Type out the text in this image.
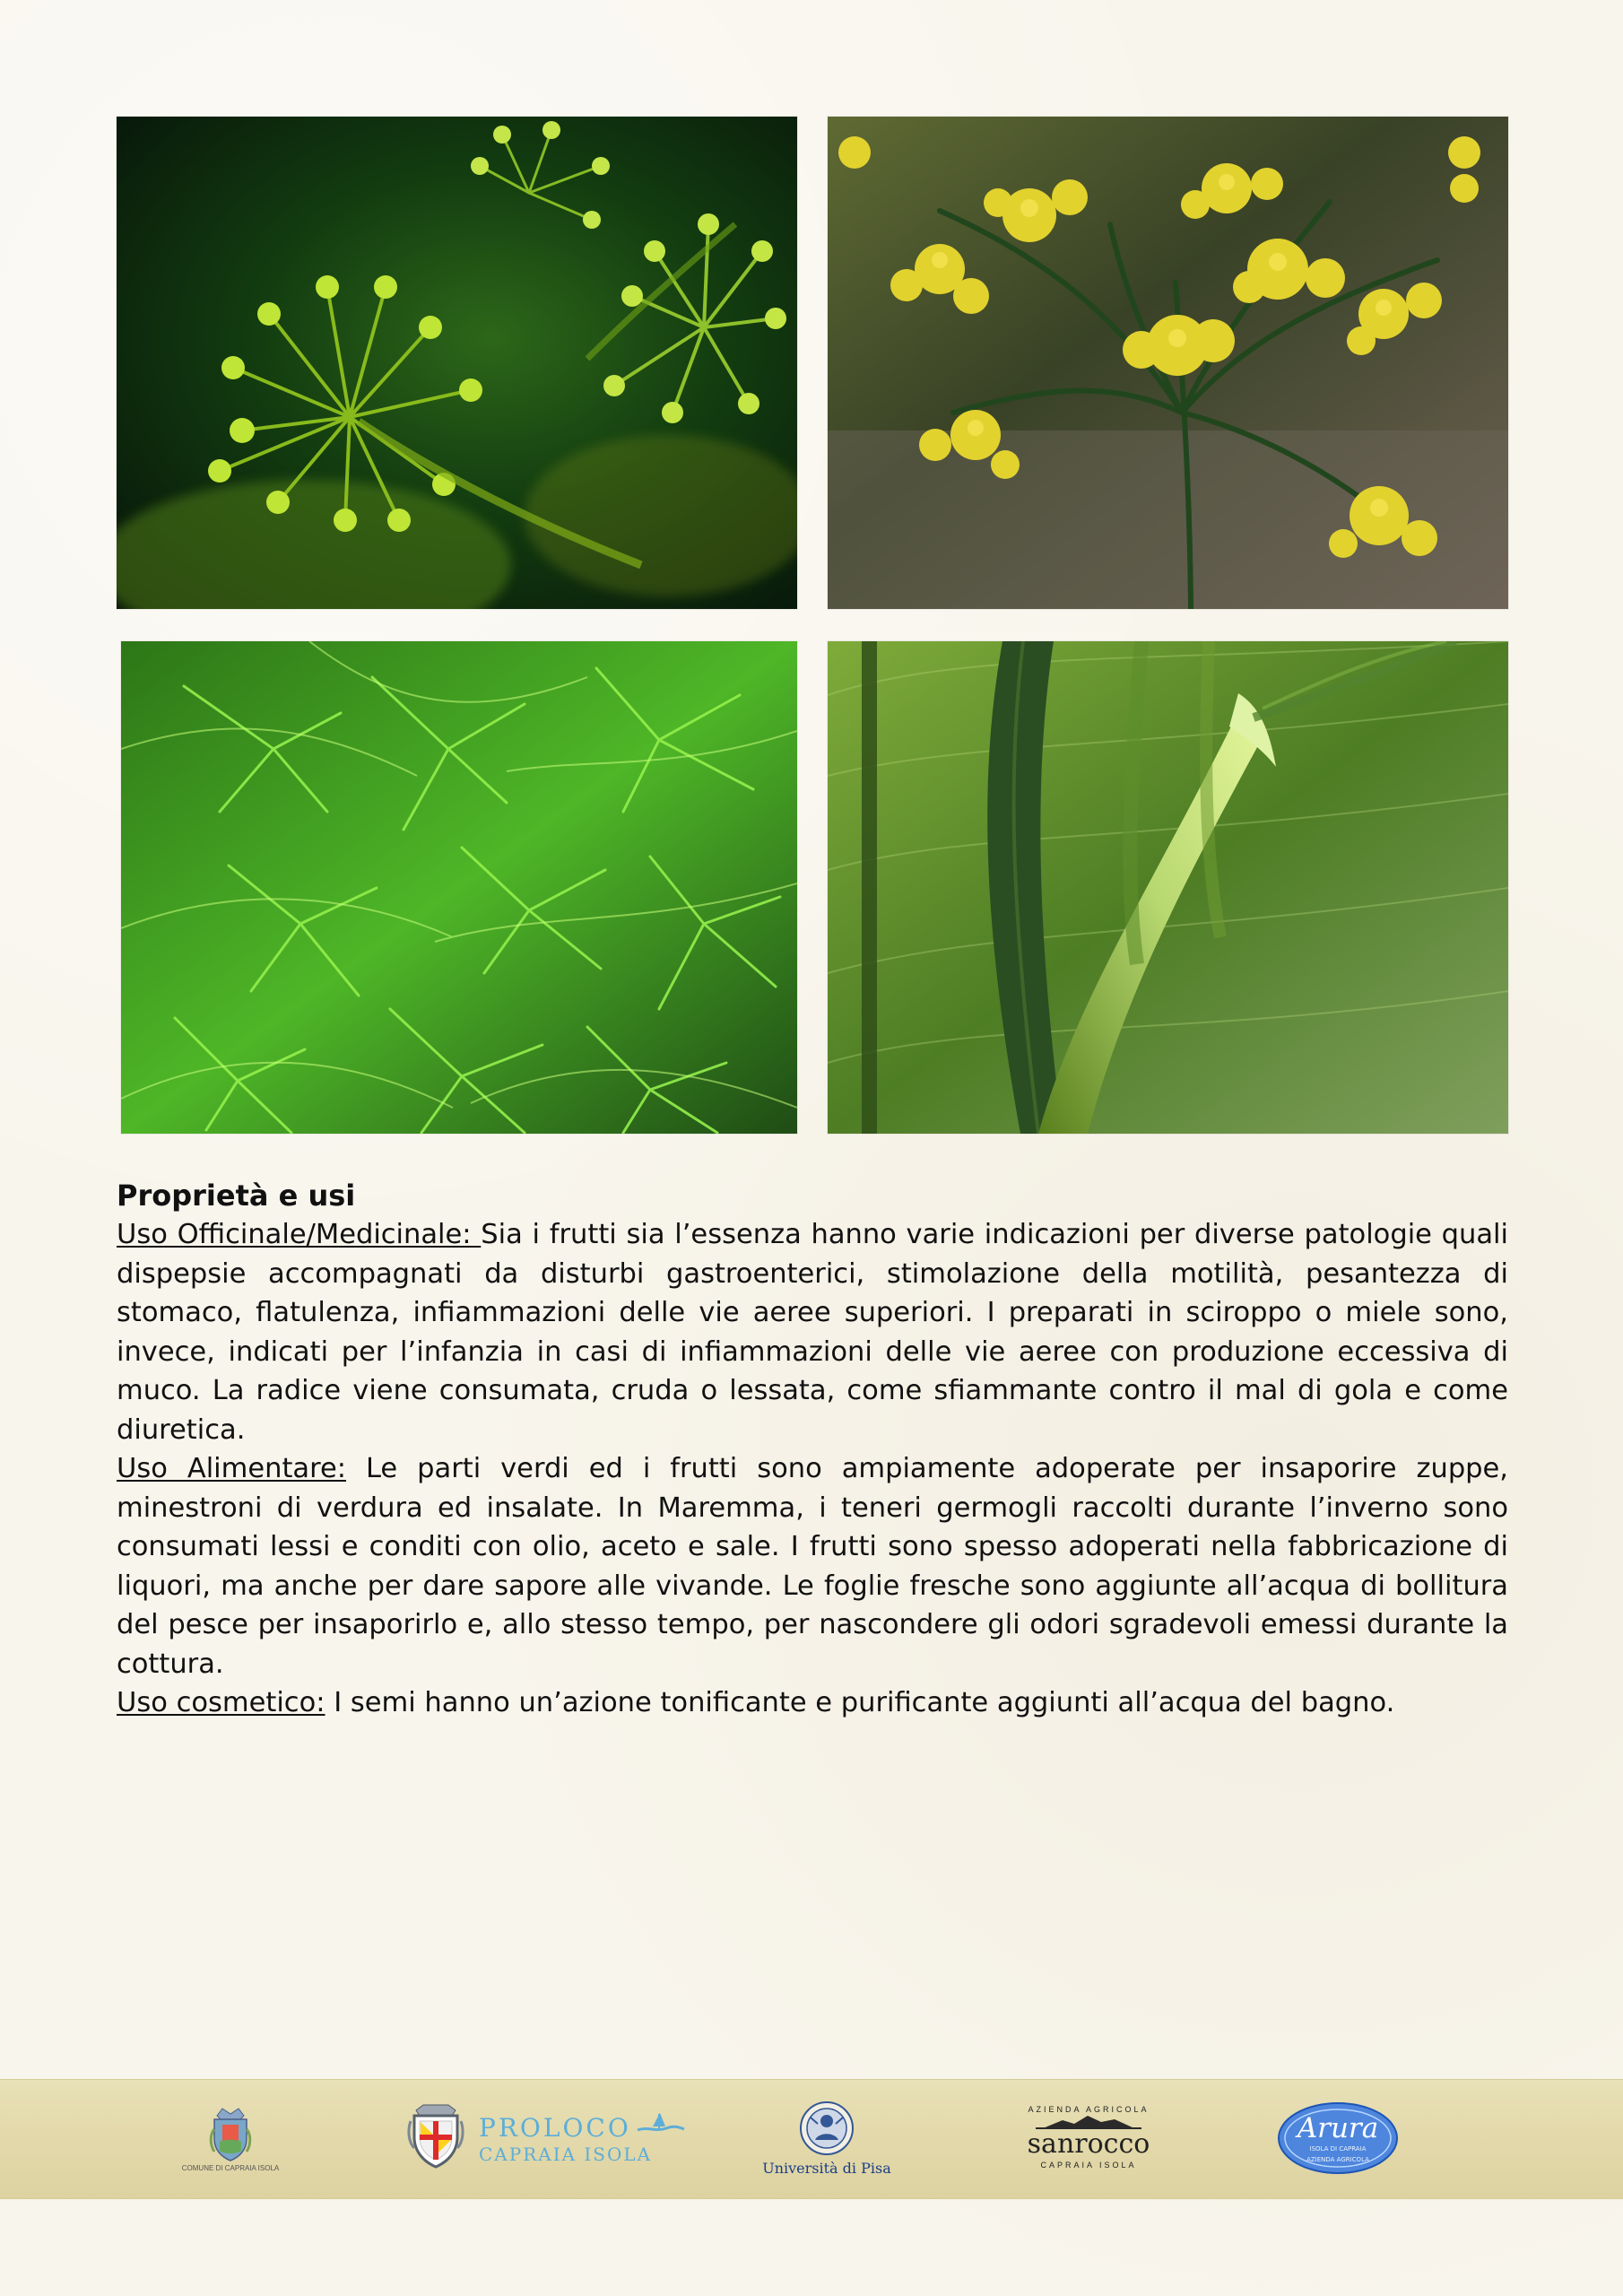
Proprietà e usi

Uso Officinale/Medicinale: Sia i frutti sia l’essenza hanno varie indicazioni per diverse patologie quali dispepsie accompagnati da disturbi gastroenterici, stimolazione della motilità, pesantezza di stomaco, flatulenza, infiammazioni delle vie aeree superiori. I preparati in sciroppo o miele sono, invece, indicati per l’infanzia in casi di infiammazioni delle vie aeree con produzione eccessiva di muco. La radice viene consumata, cruda o lessata, come sfiammante contro il mal di gola e come diuretica.

Uso Alimentare: Le parti verdi ed i frutti sono ampiamente adoperate per insaporire zuppe, minestroni di verdura ed insalate. In Maremma, i teneri germogli raccolti durante l’inverno sono consumati lessi e conditi con olio, aceto e sale. I frutti sono spesso adoperati nella fabbricazione di liquori, ma anche per dare sapore alle vivande. Le foglie fresche sono aggiunte all’acqua di bollitura del pesce per insaporirlo e, allo stesso tempo, per nascondere gli odori sgradevoli emessi durante la cottura.

Uso cosmetico: I semi hanno un’azione tonificante e purificante aggiunti all’acqua del bagno.

COMUNE DI CAPRAIA ISOLA
PROLOCO
CAPRAIA ISOLA
Università di Pisa
AZIENDA AGRICOLA
sanrocco
CAPRAIA ISOLA
Arura
ISOLA DI CAPRAIA
AZIENDA AGRICOLA
